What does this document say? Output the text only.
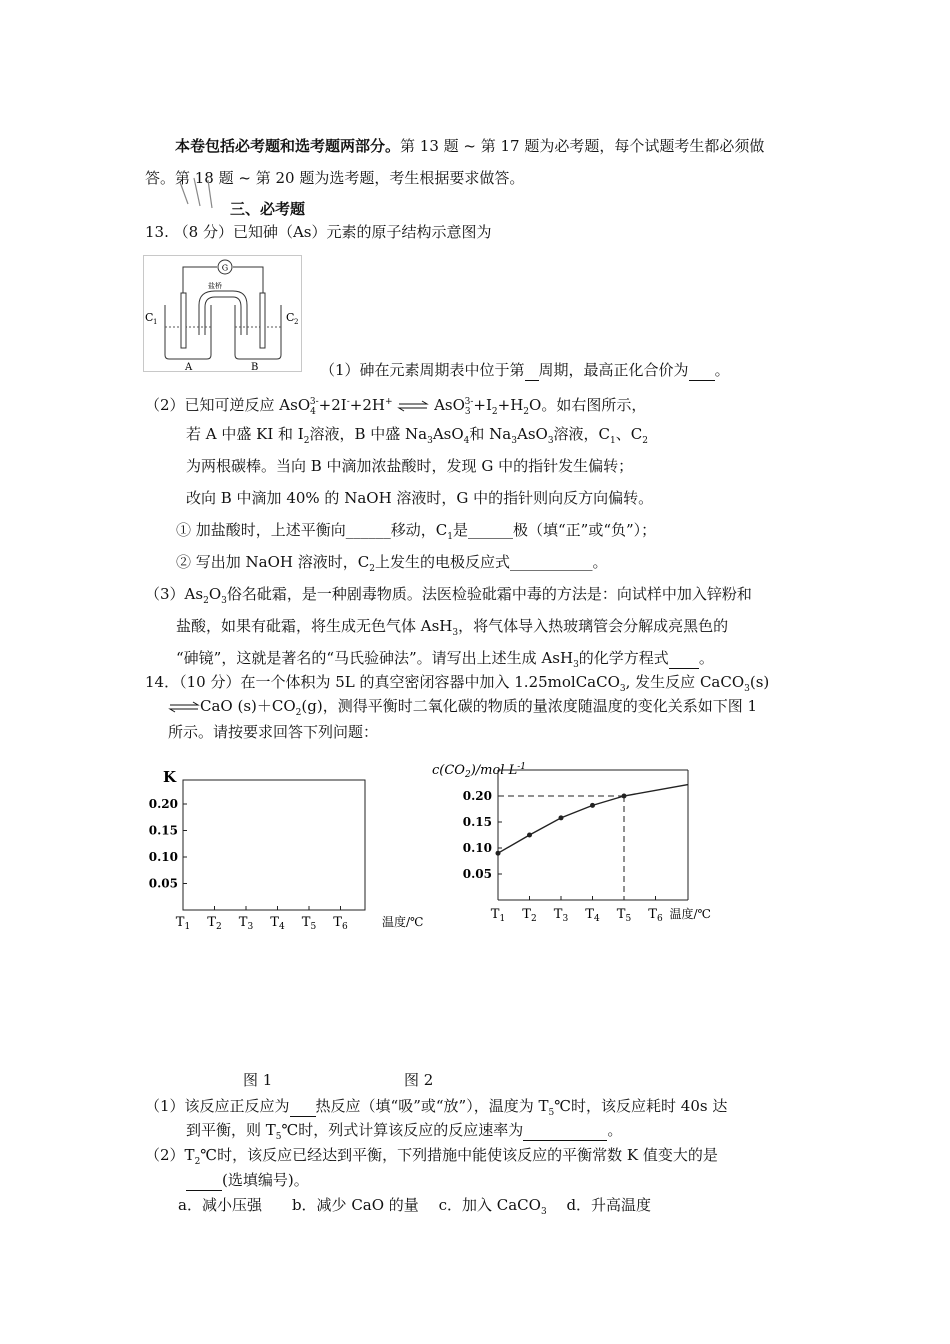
本卷包括必考题和选考题两部分。第 13 题 ~ 第 17 题为必考题，每个试题考生都必须做
答。第 18 题 ~ 第 20 题为选考题，考生根据要求做答。
三、必考题
13. （8 分）已知砷（As）元素的原子结构示意图为
G
盐桥
C 1	C 2
A	B	（1）砷在元素周期表中位于第 周期，最高正化合价为 。
（2）已知可逆反应 AsO$_4^{3-}$+2I-+2H+ ⇌ $AsO_3^{3-}+I_2+H_2O$。如右图所示，
若 A 中盛 KI 和 $I_2$溶液，B 中盛 $Na_3AsO_4$和 $Na_3AsO_3$溶液，$C_1$、$C_2$
为两根碳棒。当向 B 中滴加浓盐酸时，发现 G 中的指针发生偏转；
改向 B 中滴加 40% 的 NaOH 溶液时，G 中的指针则向反方向偏转。
① 加盐酸时，上述平衡向______移动，$C_1$是______极（填“正”或“负”）；
② 写出加 NaOH 溶液时，$C_2$上发生的电极反应式___________。
$(3)As_2O_3$俗名砒霜，是一种剧毒物质。法医检验砒霜中毒的方法是：向试样中加入锌粉和
盐酸，如果有砒霜，将生成无色气体 AsH$_3$，将气体导入热玻璃管会分解成亮黑色的
“砷镜”，这就是著名的“马氏验砷法”。请写出上述生成 AsH$_3$的化学方程式 。
14．（10 分）在一个体积为 5L 的真空密闭容器中加入 1.25molCaCO$_3$, 发生反应 CaCO$_3$(s)
⇌CaO $(s)+CO_2(g)$，测得平衡时二氧化碳的物质的量浓度随温度的变化关系如下图 1
所示。请按要求回答下列问题：
K
0.20
0.15
0.10
0.05
$T_1$ $T_2$ $T_3$ $T_4$ $T_5$ $T_6$	温度/℃
$c(CO_2)$/mol $L^{-1}$
0.20
0.15
0.10
0.05
$T_1$ $T_2$ $T_3$ $T_4$ $T_5$ $T_6$ 温度/℃
图 1	图 2
（1）该反应正反应为 热反应（填“吸”或“放”），温度为 $T_5℃$时，该反应耗时 40s 达
到平衡，则 $T_5℃$时，列式计算该反应的反应速率为	。
$(2)T_2℃$时，该反应已经达到平衡，下列措施中能使该反应的平衡常数 K 值变大的是
(选填编号)。
a．减小压强　　b．减少 CaO 的量　 c．加入 CaCO$_3$　 d．升高温度
